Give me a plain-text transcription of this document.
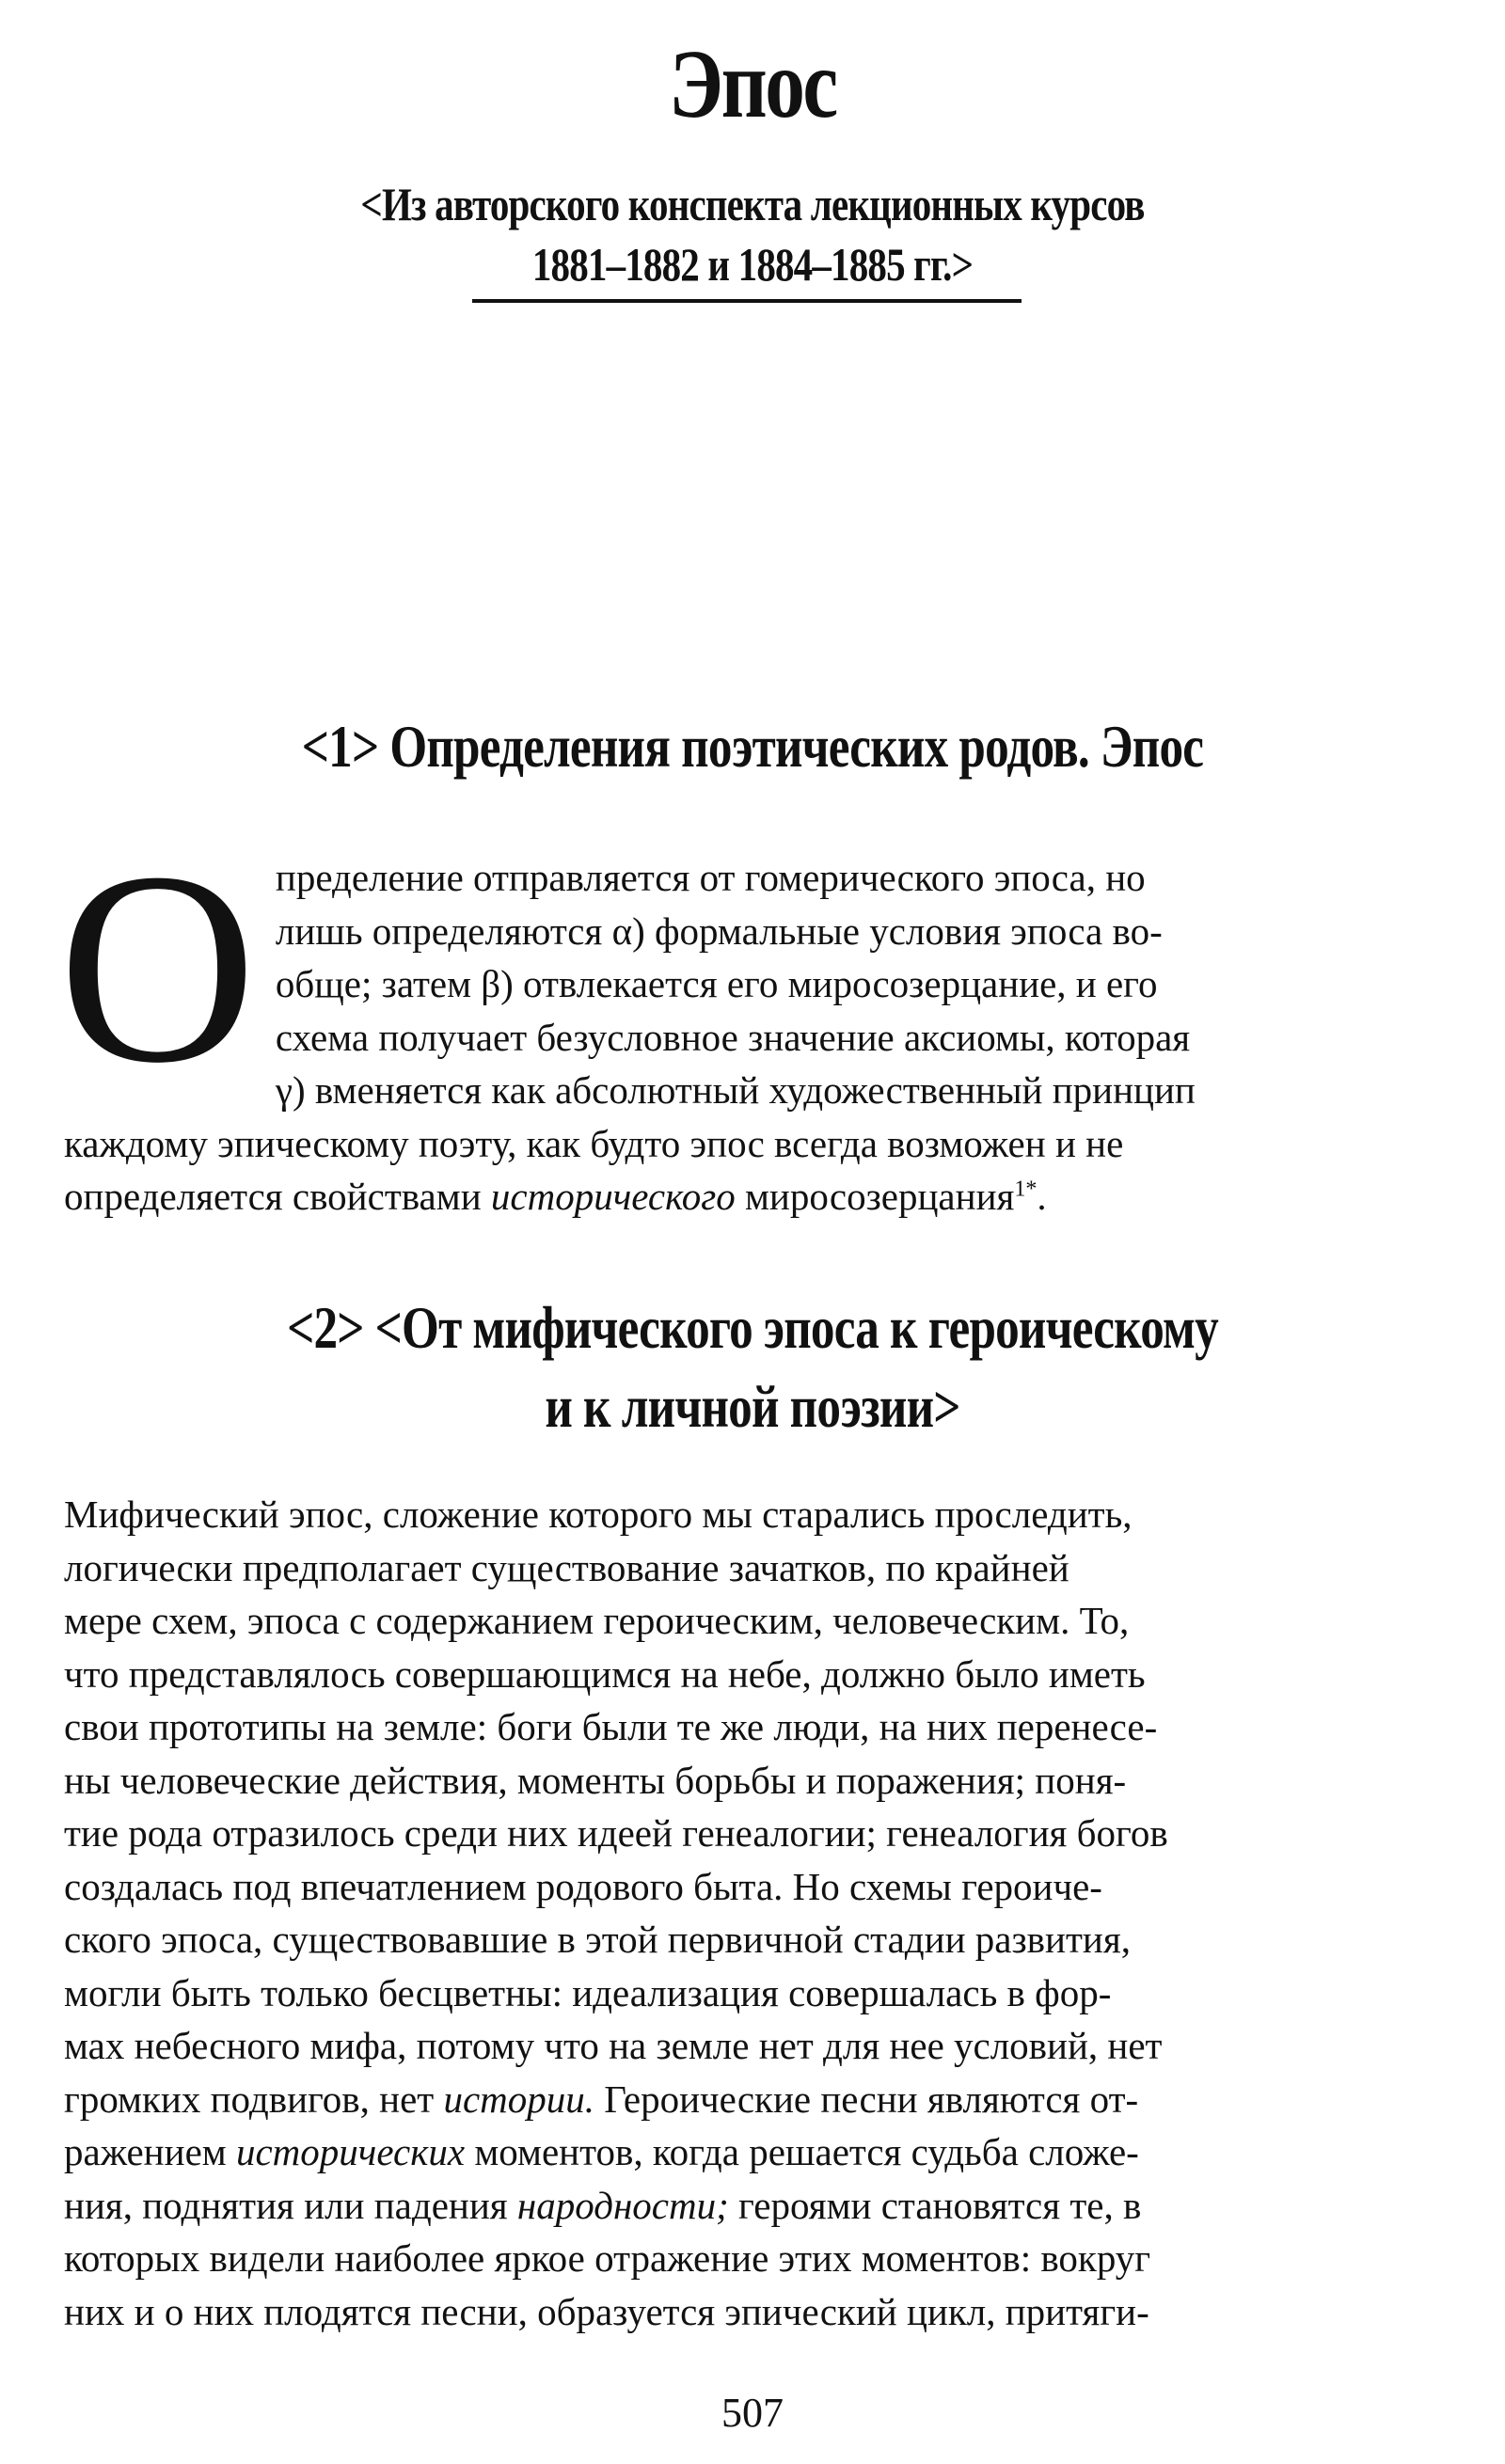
Эпос
<Из авторского конспекта лекционных курсов
1881–1882 и 1884–1885 гг.>
<1> Определения поэтических родов. Эпос
О пределение отправляется от гомерического эпоса, но
лишь определяются α) формальные условия эпоса во-
обще; затем β) отвлекается его миросозерцание, и его
схема получает безусловное значение аксиомы, которая
γ) вменяется как абсолютный художественный принцип
каждому эпическому поэту, как будто эпос всегда возможен и не
определяется свойствами исторического миросозерцания$^{1*}$.
<2> <От мифического эпоса к героическому
и к личной поэзии>
Мифический эпос, сложение которого мы старались проследить,
логически предполагает существование зачатков, по крайней
мере схем, эпоса с содержанием героическим, человеческим. То,
что представлялось совершающимся на небе, должно было иметь
свои прототипы на земле: боги были те же люди, на них перенесе-
ны человеческие действия, моменты борьбы и поражения; поня-
тие рода отразилось среди них идеей генеалогии; генеалогия богов
создалась под впечатлением родового быта. Но схемы героиче-
ского эпоса, существовавшие в этой первичной стадии развития,
могли быть только бесцветны: идеализация совершалась в фор-
мах небесного мифа, потому что на земле нет для нее условий, нет
громких подвигов, нет истории. Героические песни являются от-
ражением исторических моментов, когда решается судьба сложе-
ния, поднятия или падения народности; героями становятся те, в
которых видели наиболее яркое отражение этих моментов: вокруг
них и о них плодятся песни, образуется эпический цикл, притяги-
507
